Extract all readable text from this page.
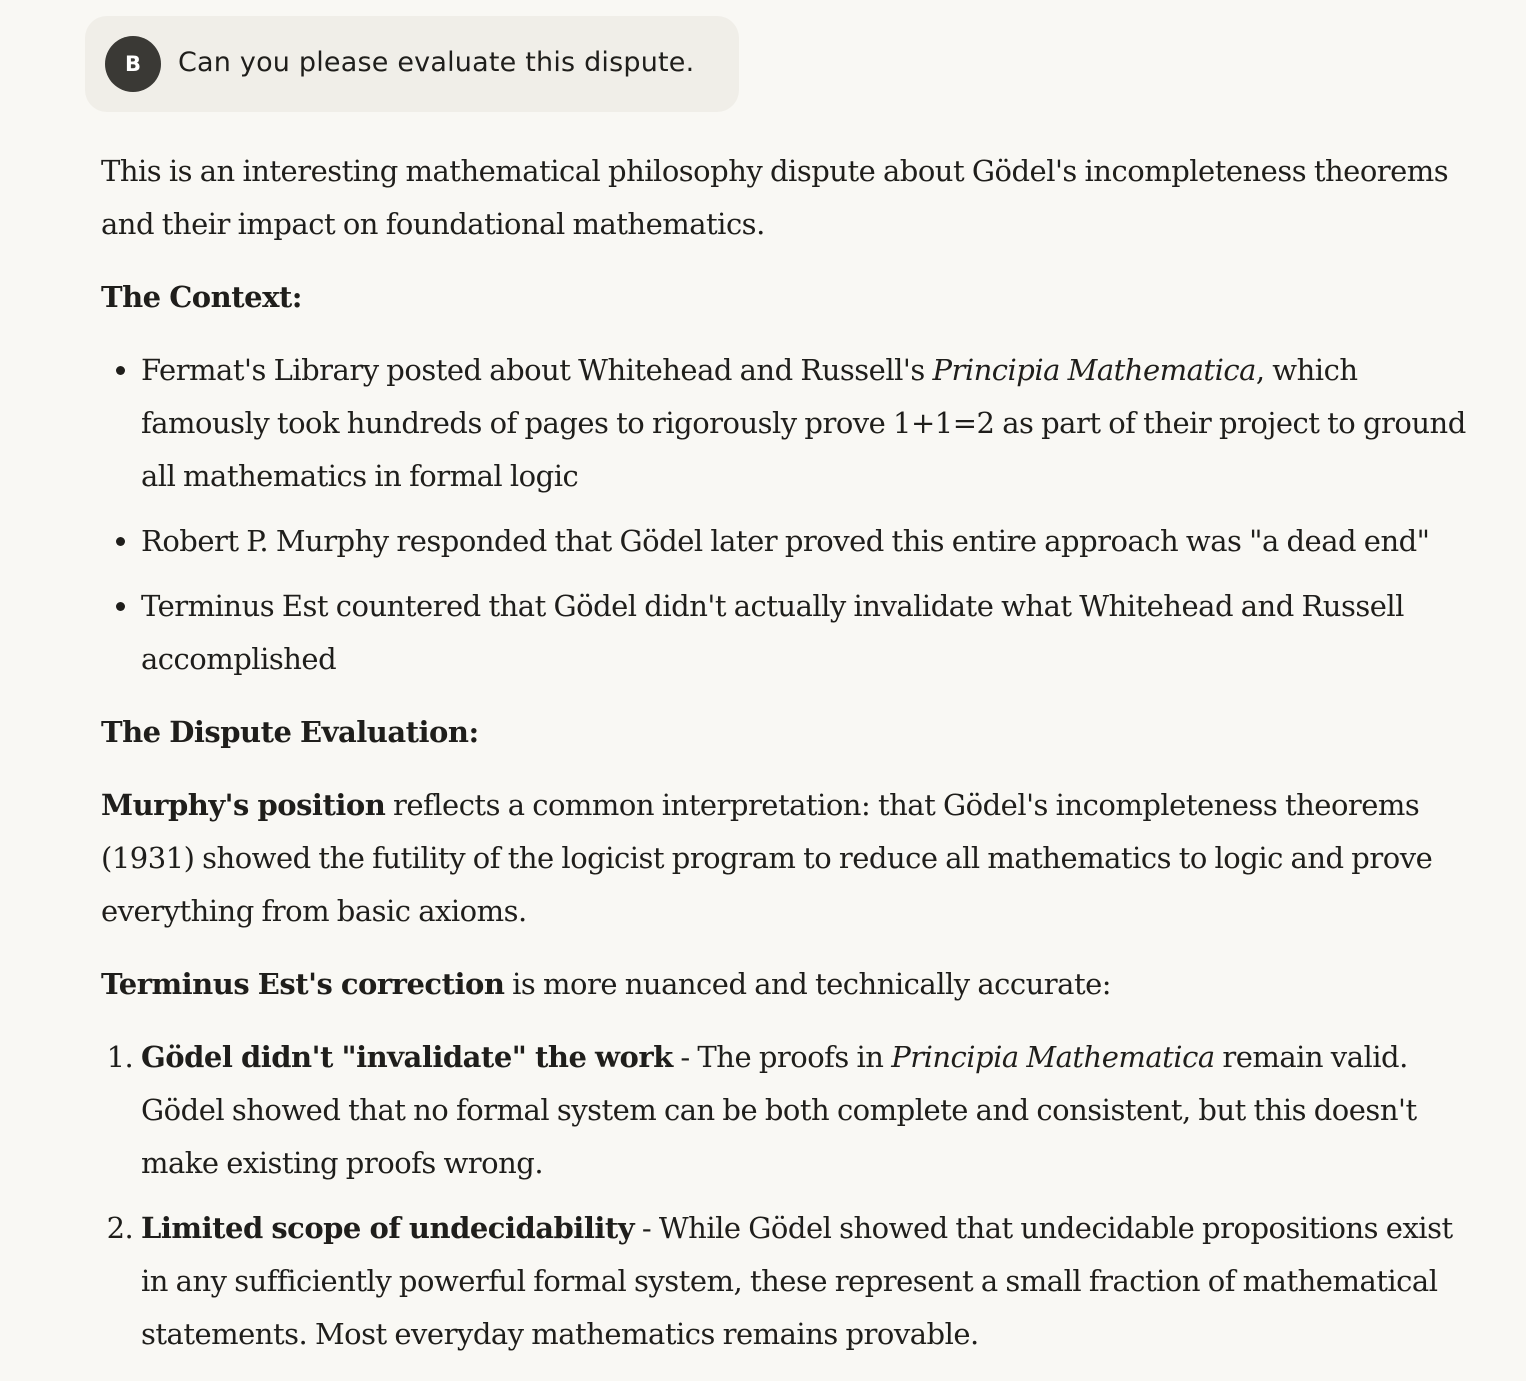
B	Can you please evaluate this dispute.

This is an interesting mathematical philosophy dispute about Gödel's incompleteness theorems and their impact on foundational mathematics.

The Context:

• Fermat's Library posted about Whitehead and Russell's Principia Mathematica, which famously took hundreds of pages to rigorously prove 1+1=2 as part of their project to ground all mathematics in formal logic
• Robert P. Murphy responded that Gödel later proved this entire approach was "a dead end"
• Terminus Est countered that Gödel didn't actually invalidate what Whitehead and Russell accomplished

The Dispute Evaluation:

Murphy's position reflects a common interpretation: that Gödel's incompleteness theorems (1931) showed the futility of the logicist program to reduce all mathematics to logic and prove everything from basic axioms.

Terminus Est's correction is more nuanced and technically accurate:

1. Gödel didn't "invalidate" the work - The proofs in Principia Mathematica remain valid. Gödel showed that no formal system can be both complete and consistent, but this doesn't make existing proofs wrong.
2. Limited scope of undecidability - While Gödel showed that undecidable propositions exist in any sufficiently powerful formal system, these represent a small fraction of mathematical statements. Most everyday mathematics remains provable.
